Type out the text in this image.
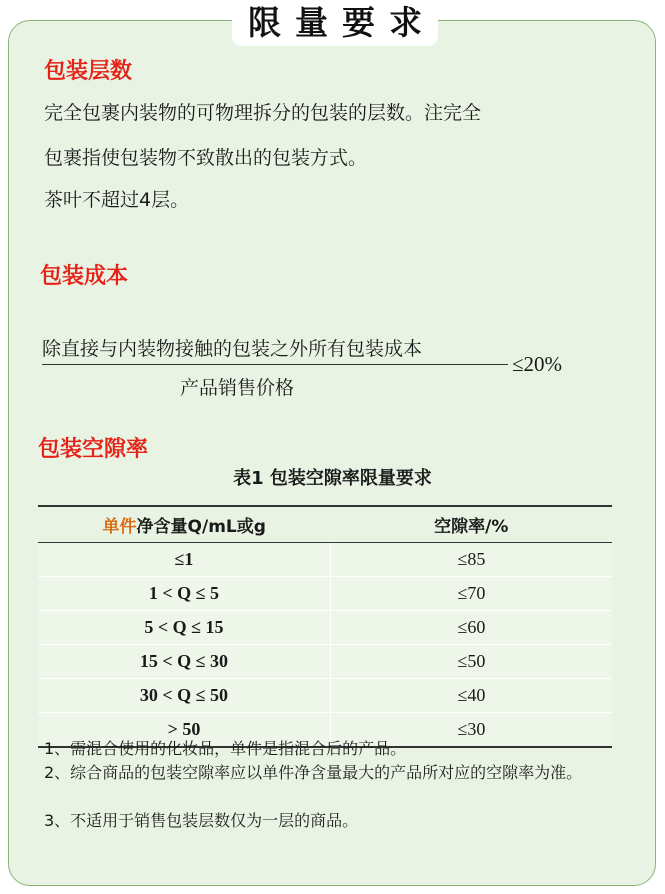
限量要求
包装层数
完全包裹内装物的可物理拆分的包装的层数。注完全
包裹指使包装物不致散出的包装方式。
茶叶不超过4层。
包装成本
除直接与内装物接触的包装之外所有包装成本
产品销售价格
≤20%
包装空隙率
表1 包装空隙率限量要求
单件净含量Q/mL或g	空隙率/%
≤1	≤85
1 < Q ≤ 5	≤70
5 < Q ≤ 15	≤60
15 < Q ≤ 30	≤50
30 < Q ≤ 50	≤40
> 50	≤30
1、需混合使用的化妆品，单件是指混合后的产品。
2、综合商品的包装空隙率应以单件净含量最大的产品所对应的空隙率为准。
3、不适用于销售包装层数仅为一层的商品。
